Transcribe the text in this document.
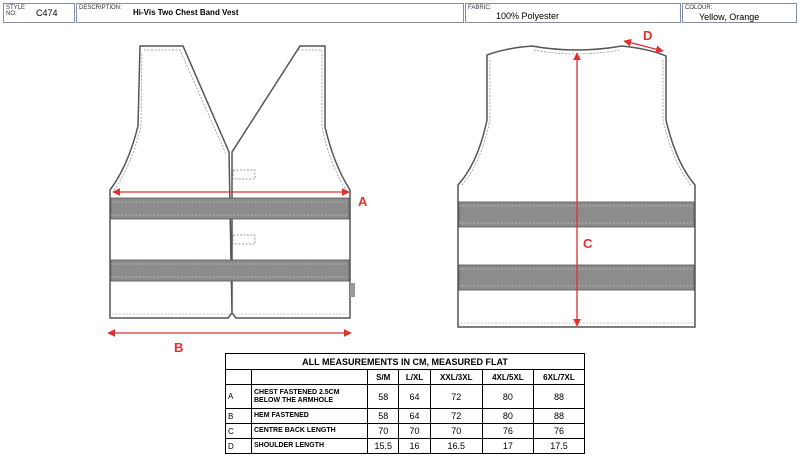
STYLE NO:	C474	DESCRIPTION: Hi-Vis Two Chest Band Vest	FABRIC:
100% Polyester
COLOUR:
Yellow, Orange
A
B
C
D
ALL MEASUREMENTS IN CM, MEASURED FLAT						
		S/M	L/XL	XXL/3XL	4XL/5XL	6XL/7XL
A	CHEST FASTENED 2.5CM BELOW THE ARMHOLE	58	64	72	80	88
B	HEM FASTENED	58	64	72	80	88
C	CENTRE BACK LENGTH	70	70	70	76	76
D	SHOULDER LENGTH	15.5	16	16.5	17	17.5
